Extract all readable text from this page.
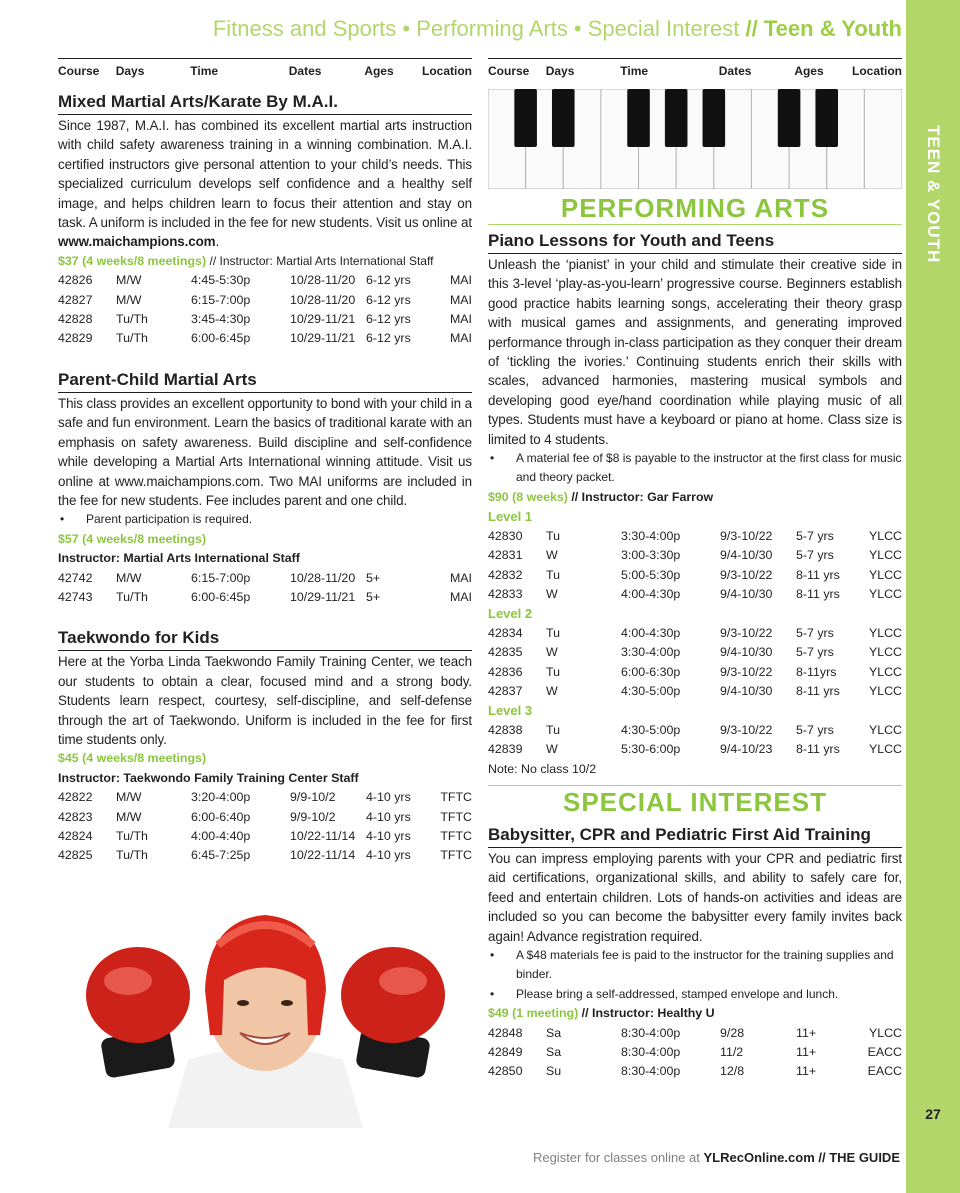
TEEN & YOUTH
27
Fitness and Sports • Performing Arts • Special Interest // Teen & Youth
Course	Days	Time	Dates	Ages	Location
Mixed Martial Arts/Karate By M.A.I.

Since 1987, M.A.I. has combined its excellent martial arts instruction with child safety awareness training in a winning combination. M.A.I. certified instructors give personal attention to your child’s needs. This specialized curriculum develops self confidence and a healthy self image, and helps children learn to focus their attention and stay on task. A uniform is included in the fee for new students. Visit us online at www.maichampions.com.

$37 (4 weeks/8 meetings) // Instructor: Martial Arts International Staff
42826	M/W	4:45-5:30p	10/28-11/20 6-12 yrs	MAI
42827	M/W	6:15-7:00p	10/28-11/20 6-12 yrs	MAI
42828	Tu/Th	3:45-4:30p	10/29-11/21 6-12 yrs	MAI
42829	Tu/Th	6:00-6:45p	10/29-11/21 6-12 yrs	MAI
Parent-Child Martial Arts

This class provides an excellent opportunity to bond with your child in a safe and fun environment. Learn the basics of traditional karate with an emphasis on safety awareness. Build discipline and self-confidence while developing a Martial Arts International winning attitude. Visit us online at www.maichampions.com. Two MAI uniforms are included in the fee for new students. Fee includes parent and one child.

• Parent participation is required.
$57 (4 weeks/8 meetings)
Instructor: Martial Arts International Staff
42742	M/W	6:15-7:00p	10/28-11/20 5+	MAI
42743	Tu/Th	6:00-6:45p	10/29-11/21 5+	MAI
Taekwondo for Kids

Here at the Yorba Linda Taekwondo Family Training Center, we teach our students to obtain a clear, focused mind and a strong body. Students learn respect, courtesy, self-discipline, and self-defense through the art of Taekwondo. Uniform is included in the fee for first time students only.

$45 (4 weeks/8 meetings)
Instructor: Taekwondo Family Training Center Staff
42822	M/W	3:20-4:00p	9/9-10/2	4-10 yrs	TFTC
42823	M/W	6:00-6:40p	9/9-10/2	4-10 yrs	TFTC
42824	Tu/Th	4:00-4:40p	10/22-11/14 4-10 yrs	TFTC
42825	Tu/Th	6:45-7:25p	10/22-11/14 4-10 yrs	TFTC
Course	Days	Time	Dates	Ages	Location
PERFORMING ARTS
Piano Lessons for Youth and Teens

Unleash the ‘pianist’ in your child and stimulate their creative side in this 3-level ‘play-as-you-learn’ progressive course. Beginners establish good practice habits learning songs, accelerating their theory grasp with musical games and assignments, and generating improved performance through in-class participation as they conquer their dream of ‘tickling the ivories.’ Continuing students enrich their skills with scales, advanced harmonies, mastering musical symbols and developing good eye/hand coordination while playing music of all types. Students must have a keyboard or piano at home. Class size is limited to 4 students.

• A material fee of $8 is payable to the instructor at the first class for music and theory packet.
$90 (8 weeks) // Instructor: Gar Farrow
Level 1
42830	Tu	3:30-4:00p	9/3-10/22	5-7 yrs	YLCC
42831	W	3:00-3:30p	9/4-10/30	5-7 yrs	YLCC
42832	Tu	5:00-5:30p	9/3-10/22	8-11 yrs	YLCC
42833	W	4:00-4:30p	9/4-10/30	8-11 yrs	YLCC
Level 2
42834	Tu	4:00-4:30p	9/3-10/22	5-7 yrs	YLCC
42835	W	3:30-4:00p	9/4-10/30	5-7 yrs	YLCC
42836	Tu	6:00-6:30p	9/3-10/22	8-11yrs	YLCC
42837	W	4:30-5:00p	9/4-10/30	8-11 yrs	YLCC
Level 3
42838	Tu	4:30-5:00p	9/3-10/22	5-7 yrs	YLCC
42839	W	5:30-6:00p	9/4-10/23	8-11 yrs	YLCC
Note: No class 10/2
SPECIAL INTEREST
Babysitter, CPR and Pediatric First Aid Training

You can impress employing parents with your CPR and pediatric first aid certifications, organizational skills, and ability to safely care for, feed and entertain children. Lots of hands-on activities and ideas are included so you can become the babysitter every family invites back again! Advance registration required.

• A $48 materials fee is paid to the instructor for the training supplies and binder.
• Please bring a self-addressed, stamped envelope and lunch.
$49 (1 meeting) // Instructor: Healthy U
42848	Sa	8:30-4:00p	9/28	11+	YLCC
42849	Sa	8:30-4:00p	11/2	11+	EACC
42850	Su	8:30-4:00p	12/8	11+	EACC
Register for classes online at YLRecOnline.com // THE GUIDE
